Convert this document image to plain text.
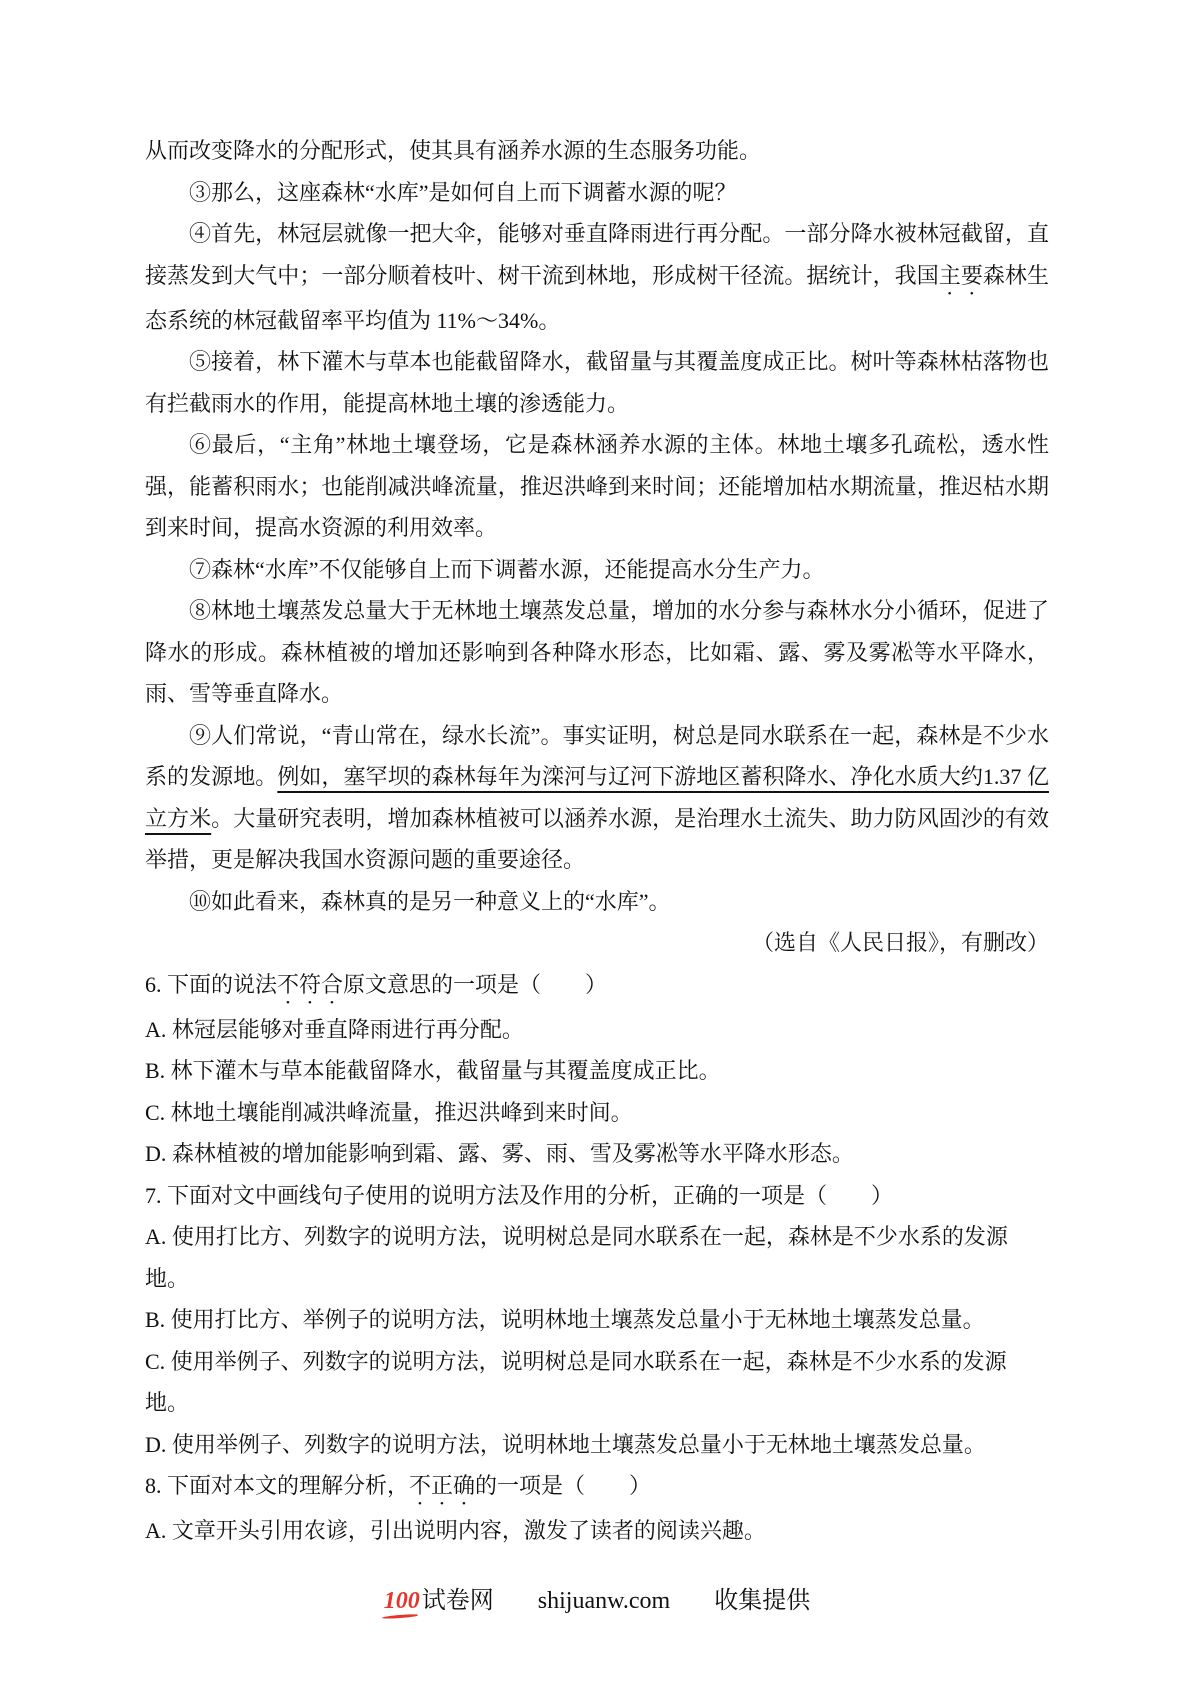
从而改变降水的分配形式，使其具有涵养水源的生态服务功能。

③那么，这座森林“水库”是如何自上而下调蓄水源的呢？

④首先，林冠层就像一把大伞，能够对垂直降雨进行再分配。一部分降水被林冠截留，直接蒸发到大气中；一部分顺着枝叶、树干流到林地，形成树干径流。据统计，我国主要森林生态系统的林冠截留率平均值为 11%～34%。

⑤接着，林下灌木与草本也能截留降水，截留量与其覆盖度成正比。树叶等森林枯落物也有拦截雨水的作用，能提高林地土壤的渗透能力。

⑥最后，“主角”林地土壤登场，它是森林涵养水源的主体。林地土壤多孔疏松，透水性强，能蓄积雨水；也能削减洪峰流量，推迟洪峰到来时间；还能增加枯水期流量，推迟枯水期到来时间，提高水资源的利用效率。

⑦森林“水库”不仅能够自上而下调蓄水源，还能提高水分生产力。

⑧林地土壤蒸发总量大于无林地土壤蒸发总量，增加的水分参与森林水分小循环，促进了降水的形成。森林植被的增加还影响到各种降水形态，比如霜、露、雾及雾凇等水平降水，雨、雪等垂直降水。

⑨人们常说，“青山常在，绿水长流”。事实证明，树总是同水联系在一起，森林是不少水系的发源地。例如，塞罕坝的森林每年为滦河与辽河下游地区蓄积降水、净化水质大约1.37 亿立方米。大量研究表明，增加森林植被可以涵养水源，是治理水土流失、助力防风固沙的有效举措，更是解决我国水资源问题的重要途径。

⑩如此看来，森林真的是另一种意义上的“水库”。

（选自《人民日报》，有删改）

6. 下面的说法不符合原文意思的一项是（　　）

A. 林冠层能够对垂直降雨进行再分配。

B. 林下灌木与草本能截留降水，截留量与其覆盖度成正比。

C. 林地土壤能削减洪峰流量，推迟洪峰到来时间。

D. 森林植被的增加能影响到霜、露、雾、雨、雪及雾凇等水平降水形态。

7. 下面对文中画线句子使用的说明方法及作用的分析，正确的一项是（　　）

A. 使用打比方、列数字的说明方法，说明树总是同水联系在一起，森林是不少水系的发源地。

B. 使用打比方、举例子的说明方法，说明林地土壤蒸发总量小于无林地土壤蒸发总量。

C. 使用举例子、列数字的说明方法，说明树总是同水联系在一起，森林是不少水系的发源地。

D. 使用举例子、列数字的说明方法，说明林地土壤蒸发总量小于无林地土壤蒸发总量。

8. 下面对本文的理解分析，不正确的一项是（　　）

A. 文章开头引用农谚，引出说明内容，激发了读者的阅读兴趣。

100试卷网 shijuanw.com 收集提供
